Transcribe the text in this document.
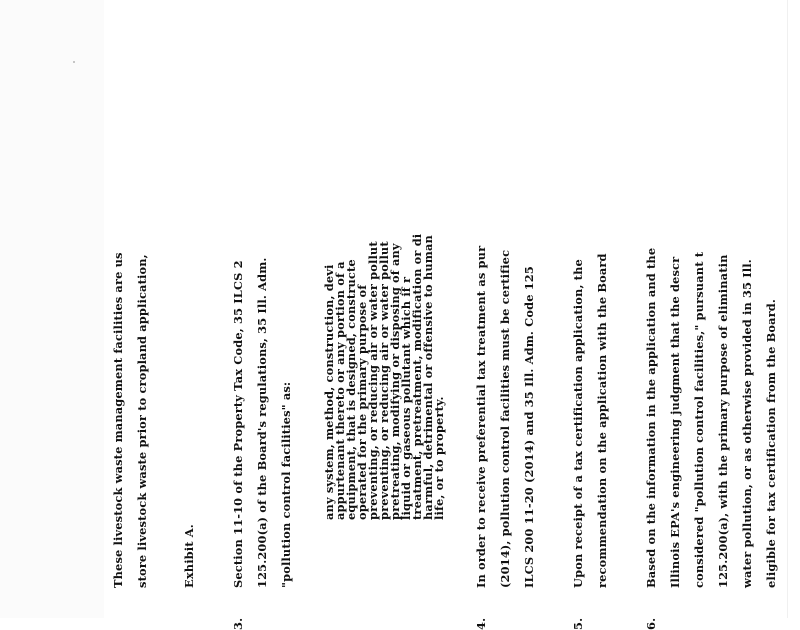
These livestock waste management facilities are us store livestock waste prior to cropland application,	Exhibit A.
3.
Section 11-10 of the Property Tax Code, 35 ILCS 2 125.200(a) of the Board's regulations, 35 Ill. Adm. "pollution control facilities" as:	any system, method, construction, devi
appurtenant thereto or any portion of a
equipment, that is designed, constructe
operated for the primary purpose of
preventing, or reducing air or water pollut
preventing, or reducing air or water pollut
pretreating, modifying or disposing of any
liquid or gaseous pollutant which if r
treatment, pretreatment, modification or di
harmful, detrimental or offensive to human
life, or to property.
4.
In order to receive preferential tax treatment as pur (2014), pollution control facilities must be certifiec ILCS 200 11-20 (2014) and 35 Ill. Adm. Code 125
5.
Upon receipt of a tax certification application, the recommendation on the application with the Board
6.
Based on the information in the application and the Illinois EPA's engineering judgment that the descr considered "pollution control facilities," pursuant t 125.200(a), with the primary purpose of eliminatin water pollution, or as otherwise provided in 35 Ill. eligible for tax certification from the Board.
